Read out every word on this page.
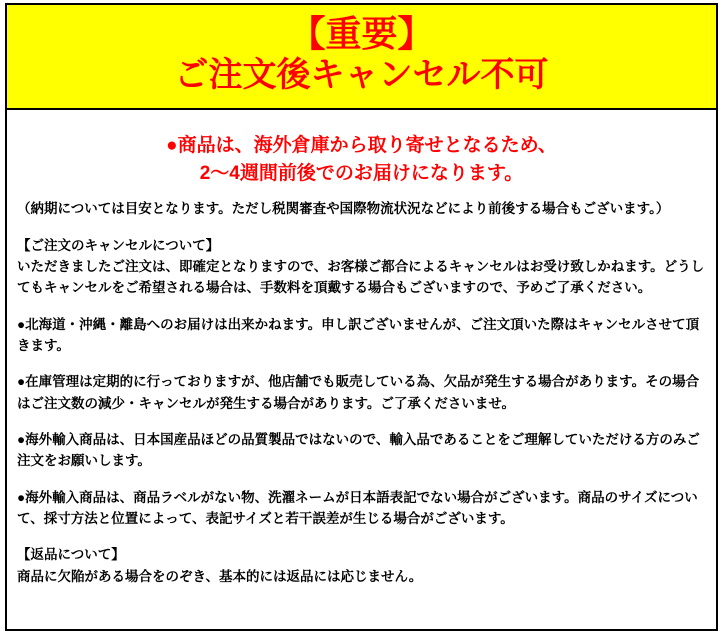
【重要】
ご注文後キャンセル不可
●商品は、海外倉庫から取り寄せとなるため、
2～4週間前後でのお届けになります。
（納期については目安となります。ただし税関審査や国際物流状況などにより前後する場合もございます。）
【ご注文のキャンセルについて】
いただきましたご注文は、即確定となりますので、お客様ご都合によるキャンセルはお受け致しかねます。どうしてもキャンセルをご希望される場合は、手数料を頂戴する場合もございますので、予めご了承ください。
●北海道・沖縄・離島へのお届けは出来かねます。申し訳ございませんが、ご注文頂いた際はキャンセルさせて頂きます。
●在庫管理は定期的に行っておりますが、他店舗でも販売している為、欠品が発生する場合があります。その場合はご注文数の減少・キャンセルが発生する場合があります。ご了承くださいませ。
●海外輸入商品は、日本国産品ほどの品質製品ではないので、輸入品であることをご理解していただける方のみご注文をお願いします。
●海外輸入商品は、商品ラベルがない物、洗濯ネームが日本語表記でない場合がございます。商品のサイズについて、採寸方法と位置によって、表記サイズと若干誤差が生じる場合がございます。
【返品について】
商品に欠陥がある場合をのぞき、基本的には返品には応じません。
